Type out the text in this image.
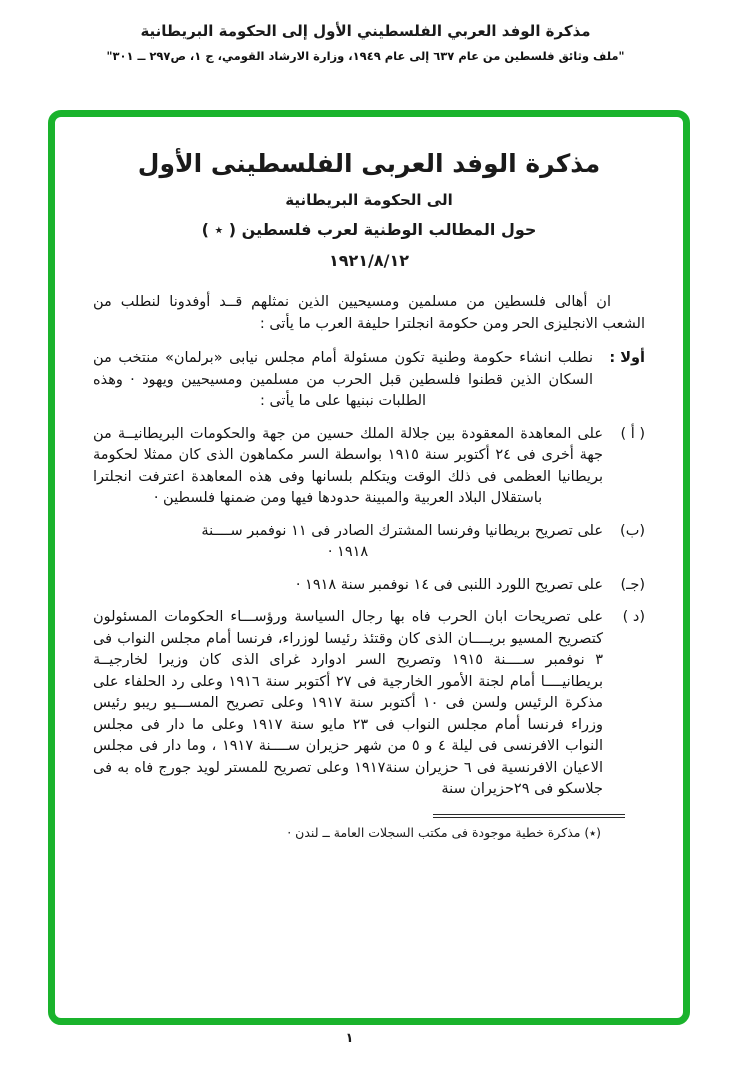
مذكرة الوفد العربي الفلسطيني الأول إلى الحكومة البريطانية
"ملف وثائق فلسطين من عام ٦٣٧ إلى عام ١٩٤٩، وزارة الارشاد القومي، ج ١، ص٢٩٧ ــ ٣٠١"
مذكرة الوفد العربى الفلسطينى الأول
الى الحكومة البريطانية
حول المطالب الوطنية لعرب فلسطين ( ٭ )
١٩٢١/٨/١٢

ان أهالى فلسطين من مسلمين ومسيحيين الذين نمثلهم قــد أوفدونا لنطلب من الشعب الانجليزى الحر ومن حكومة انجلترا حليفة العرب ما يأتى :

أولا :

نطلب انشاء حكومة وطنية تكون مسئولة أمام مجلس نيابى «برلمان» منتخب من السكان الذين قطنوا فلسطين قبل الحرب من مسلمين ومسيحيين ويهود · وهذه الطلبات نبنيها على ما يأتى :

( أ )

على المعاهدة المعقودة بين جلالة الملك حسين من جهة والحكومات البريطانيــة من جهة أخرى فى ٢٤ أكتوبر سنة ١٩١٥ بواسطة السر مكماهون الذى كان ممثلا لحكومة بريطانيا العظمى فى ذلك الوقت ويتكلم بلسانها وفى هذه المعاهدة اعترفت انجلترا باستقلال البلاد العربية والمبينة حدودها فيها ومن ضمنها فلسطين ·

(ب)

على تصريح بريطانيا وفرنسا المشترك الصادر فى ١١ نوفمبر ســــنة

١٩١٨ ·

(جـ)

على تصريح اللورد اللنبى فى ١٤ نوفمبر سنة ١٩١٨ ·

(د )

على تصريحات ابان الحرب فاه بها رجال السياسة ورؤســـاء الحكومات المسئولون كتصريح المسيو بريــــان الذى كان وقتئذ رئيسا لوزراء، فرنسا أمام مجلس النواب فى ٣ نوفمبر ســــنة ١٩١٥ وتصريح السر ادوارد غراى الذى كان وزيرا لخارجيــة بريطانيــــا أمام لجنة الأمور الخارجية فى ٢٧ أكتوبر سنة ١٩١٦ وعلى رد الحلفاء على مذكرة الرئيس ولسن فى ١٠ أكتوبر سنة ١٩١٧ وعلى تصريح المســـيو ريبو رئيس وزراء فرنسا أمام مجلس النواب فى ٢٣ مايو سنة ١٩١٧ وعلى ما دار فى مجلس النواب الافرنسى فى ليلة ٤ و ٥ من شهر حزيران ســــنة ١٩١٧ ، وما دار فى مجلس الاعيان الافرنسية فى ٦ حزيران سنة١٩١٧ وعلى تصريح للمستر لويد جورج فاه به فى جلاسكو فى ٢٩حزيران سنة

(٭) مذكرة خطية موجودة فى مكتب السجلات العامة ــ لندن ·
١
